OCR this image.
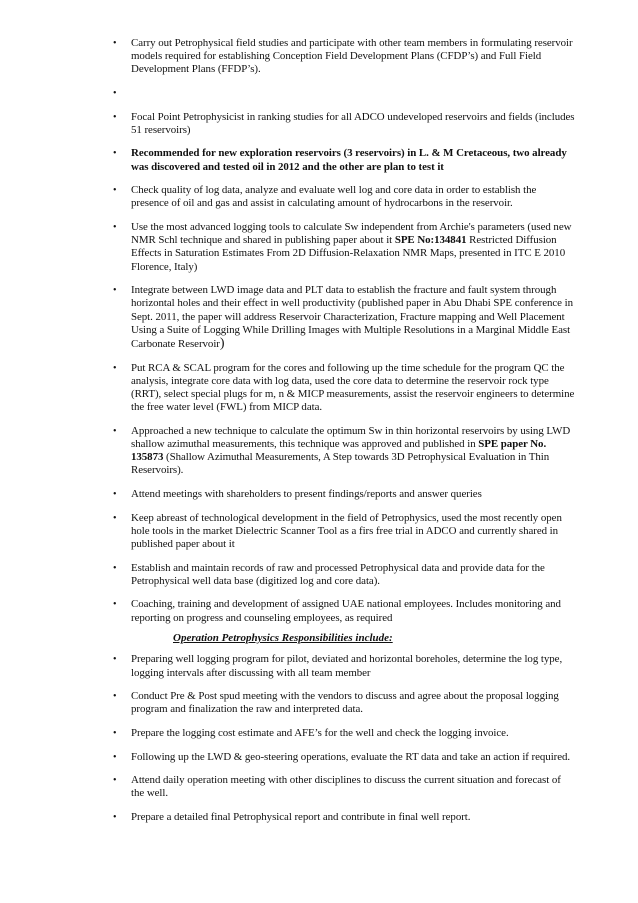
• Carry out Petrophysical field studies and participate with other team members in formulating reservoir models required for establishing Conception Field Development Plans (CFDP’s) and Full Field Development Plans (FFDP’s).
•
• Focal Point Petrophysicist in ranking studies for all ADCO undeveloped reservoirs and fields (includes 51 reservoirs)
• Recommended for new exploration reservoirs (3 reservoirs) in L. & M Cretaceous, two already was discovered and tested oil in 2012 and the other are plan to test it
• Check quality of log data, analyze and evaluate well log and core data in order to establish the presence of oil and gas and assist in calculating amount of hydrocarbons in the reservoir.
• Use the most advanced logging tools to calculate Sw independent from Archie's parameters (used new NMR Schl technique and shared in publishing paper about it SPE No:134841 Restricted Diffusion Effects in Saturation Estimates From 2D Diffusion-Relaxation NMR Maps, presented in ITC E 2010 Florence, Italy)
• Integrate between LWD image data and PLT data to establish the fracture and fault system through horizontal holes and their effect in well productivity (published paper in Abu Dhabi SPE conference in Sept. 2011, the paper will address Reservoir Characterization, Fracture mapping and Well Placement Using a Suite of Logging While Drilling Images with Multiple Resolutions in a Marginal Middle East Carbonate Reservoir)
• Put RCA & SCAL program for the cores and following up the time schedule for the program QC the analysis, integrate core data with log data, used the core data to determine the reservoir rock type (RRT), select special plugs for m, n & MICP measurements, assist the reservoir engineers to determine the free water level (FWL) from MICP data.
• Approached a new technique to calculate the optimum Sw in thin horizontal reservoirs by using LWD shallow azimuthal measurements, this technique was approved and published in SPE paper No. 135873 (Shallow Azimuthal Measurements, A Step towards 3D Petrophysical Evaluation in Thin Reservoirs).
• Attend meetings with shareholders to present findings/reports and answer queries
• Keep abreast of technological development in the field of Petrophysics, used the most recently open hole tools in the market Dielectric Scanner Tool as a firs free trial in ADCO and currently shared in published paper about it
• Establish and maintain records of raw and processed Petrophysical data and provide data for the Petrophysical well data base (digitized log and core data).
• Coaching, training and development of assigned UAE national employees. Includes monitoring and reporting on progress and counseling employees, as required
Operation Petrophysics Responsibilities include:
• Preparing well logging program for pilot, deviated and horizontal boreholes, determine the log type, logging intervals after discussing with all team member
• Conduct Pre & Post spud meeting with the vendors to discuss and agree about the proposal logging program and finalization the raw and interpreted data.
• Prepare the logging cost estimate and AFE’s for the well and check the logging invoice.
• Following up the LWD & geo-steering operations, evaluate the RT data and take an action if required.
• Attend daily operation meeting with other disciplines to discuss the current situation and forecast of the well.
• Prepare a detailed final Petrophysical report and contribute in final well report.
